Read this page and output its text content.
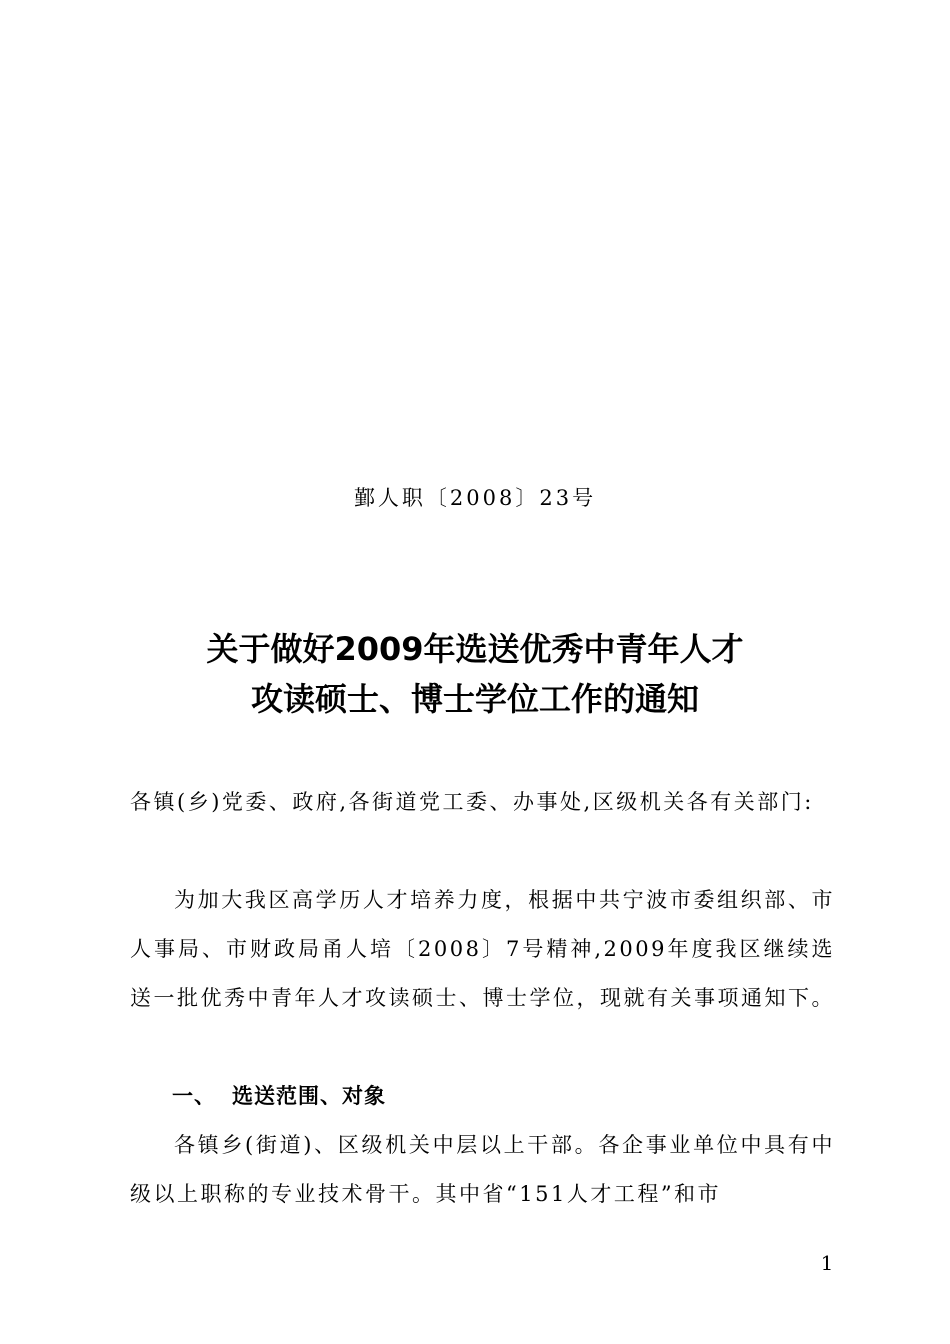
鄞人职〔2008〕23号
关于做好2009年选送优秀中青年人才
攻读硕士、博士学位工作的通知

各镇(乡)党委、政府,各街道党工委、办事处,区级机关各有关部门:

为加大我区高学历人才培养力度，根据中共宁波市委组织部、市人事局、市财政局甬人培〔2008〕7号精神,2009年度我区继续选送一批优秀中青年人才攻读硕士、博士学位，现就有关事项通知下。

一、 选送范围、对象

各镇乡(街道)、区级机关中层以上干部。各企事业单位中具有中级以上职称的专业技术骨干。其中省“151人才工程”和市

1
